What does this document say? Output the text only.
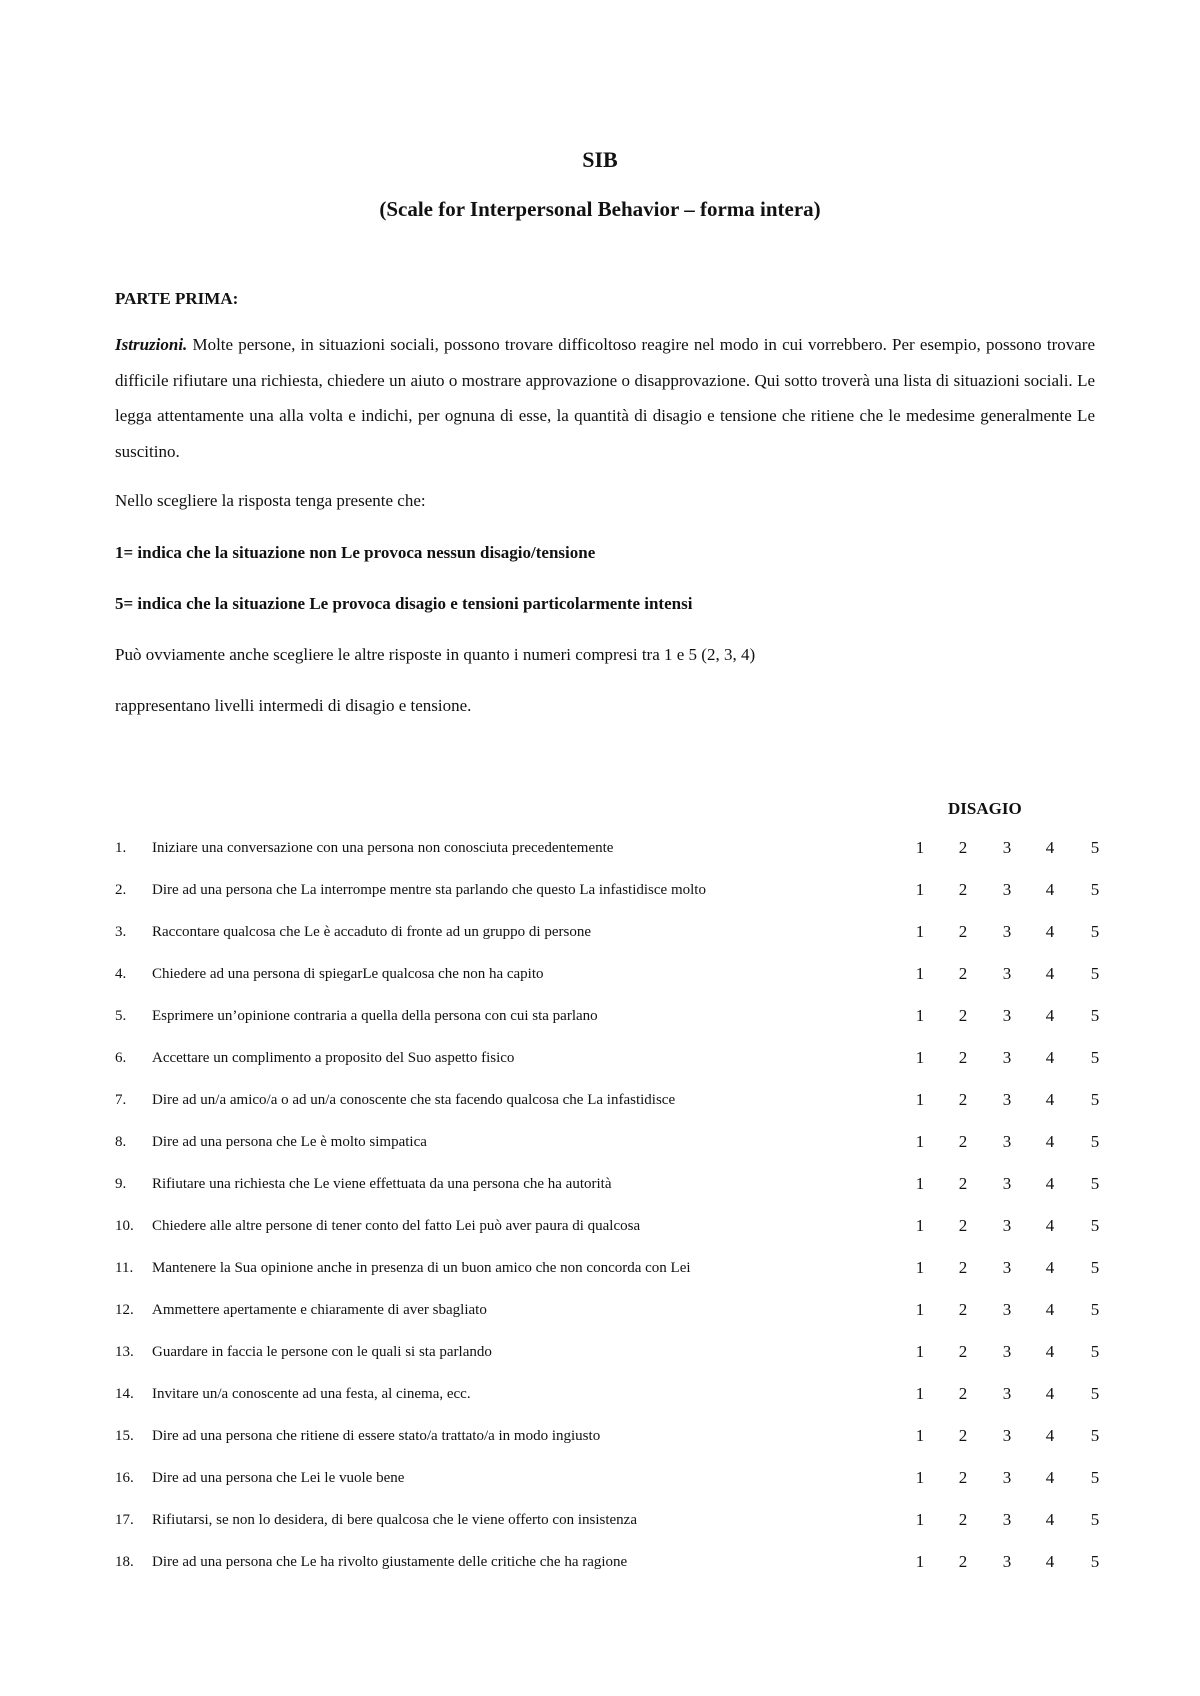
SIB
(Scale for Interpersonal Behavior – forma intera)
PARTE PRIMA:

Istruzioni. Molte persone, in situazioni sociali, possono trovare difficoltoso reagire nel modo in cui vorrebbero. Per esempio, possono trovare difficile rifiutare una richiesta, chiedere un aiuto o mostrare approvazione o disapprovazione. Qui sotto troverà una lista di situazioni sociali. Le legga attentamente una alla volta e indichi, per ognuna di esse, la quantità di disagio e tensione che ritiene che le medesime generalmente Le suscitino.

Nello scegliere la risposta tenga presente che:

1= indica che la situazione non Le provoca nessun disagio/tensione

5= indica che la situazione Le provoca disagio e tensioni particolarmente intensi

Può ovviamente anche scegliere le altre risposte in quanto i numeri compresi tra 1 e 5 (2, 3, 4)

rappresentano livelli intermedi di disagio e tensione.

DISAGIO
1.	Iniziare una conversazione con una persona non conosciuta precedentemente	1	2	3	4	5
2.	Dire ad una persona che La interrompe mentre sta parlando che questo La infastidisce molto	1	2	3	4	5
3.	Raccontare qualcosa che Le è accaduto di fronte ad un gruppo di persone	1	2	3	4	5
4.	Chiedere ad una persona di spiegarLe qualcosa che non ha capito	1	2	3	4	5
5.	Esprimere un’opinione contraria a quella della persona con cui sta parlano	1	2	3	4	5
6.	Accettare un complimento a proposito del Suo aspetto fisico	1	2	3	4	5
7.	Dire ad un/a amico/a o ad un/a conoscente che sta facendo qualcosa che La infastidisce	1	2	3	4	5
8.	Dire ad una persona che Le è molto simpatica	1	2	3	4	5
9.	Rifiutare una richiesta che Le viene effettuata da una persona che ha autorità	1	2	3	4	5
10.	Chiedere alle altre persone di tener conto del fatto Lei può aver paura di qualcosa	1	2	3	4	5
11.	Mantenere la Sua opinione anche in presenza di un buon amico che non concorda con Lei	1	2	3	4	5
12.	Ammettere apertamente e chiaramente di aver sbagliato	1	2	3	4	5
13.	Guardare in faccia le persone con le quali si sta parlando	1	2	3	4	5
14.	Invitare un/a conoscente ad una festa, al cinema, ecc.	1	2	3	4	5
15.	Dire ad una persona che ritiene di essere stato/a trattato/a in modo ingiusto	1	2	3	4	5
16.	Dire ad una persona che Lei le vuole bene	1	2	3	4	5
17.	Rifiutarsi, se non lo desidera, di bere qualcosa che le viene offerto con insistenza	1	2	3	4	5
18.	Dire ad una persona che Le ha rivolto giustamente delle critiche che ha ragione	1	2	3	4	5
